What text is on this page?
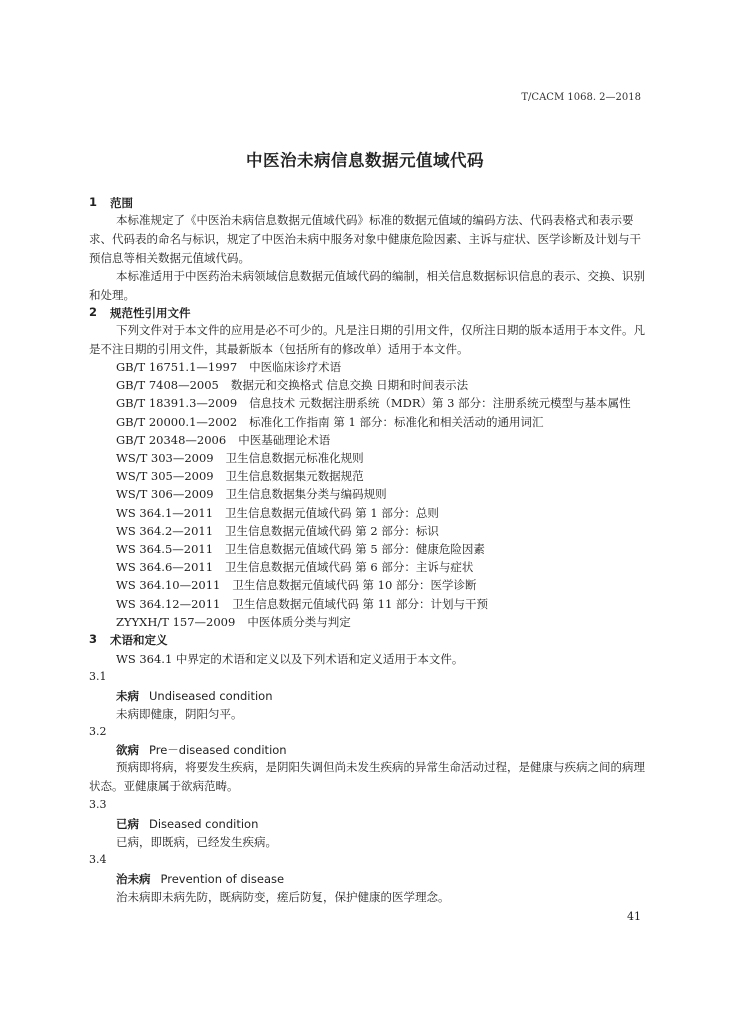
T/CACM 1068. 2—2018
中医治未病信息数据元值域代码
1 范围
本标准规定了《中医治未病信息数据元值域代码》标准的数据元值域的编码方法、代码表格式和表示要求、代码表的命名与标识，规定了中医治未病中服务对象中健康危险因素、主诉与症状、医学诊断及计划与干预信息等相关数据元值域代码。
本标准适用于中医药治未病领域信息数据元值域代码的编制，相关信息数据标识信息的表示、交换、识别和处理。
2 规范性引用文件
下列文件对于本文件的应用是必不可少的。凡是注日期的引用文件，仅所注日期的版本适用于本文件。凡是不注日期的引用文件，其最新版本（包括所有的修改单）适用于本文件。
GB/T 16751.1—1997 中医临床诊疗术语
GB/T 7408—2005 数据元和交换格式 信息交换 日期和时间表示法
GB/T 18391.3—2009 信息技术 元数据注册系统（MDR）第 3 部分：注册系统元模型与基本属性
GB/T 20000.1—2002 标准化工作指南 第 1 部分：标准化和相关活动的通用词汇
GB/T 20348—2006 中医基础理论术语
WS/T 303—2009 卫生信息数据元标准化规则
WS/T 305—2009 卫生信息数据集元数据规范
WS/T 306—2009 卫生信息数据集分类与编码规则
WS 364.1—2011 卫生信息数据元值域代码 第 1 部分：总则
WS 364.2—2011 卫生信息数据元值域代码 第 2 部分：标识
WS 364.5—2011 卫生信息数据元值域代码 第 5 部分：健康危险因素
WS 364.6—2011 卫生信息数据元值域代码 第 6 部分：主诉与症状
WS 364.10—2011 卫生信息数据元值域代码 第 10 部分：医学诊断
WS 364.12—2011 卫生信息数据元值域代码 第 11 部分：计划与干预
ZYYXH/T 157—2009 中医体质分类与判定
3 术语和定义
WS 364.1 中界定的术语和定义以及下列术语和定义适用于本文件。
3.1
未病 Undiseased condition
未病即健康，阴阳匀平。
3.2
欲病 Pre－diseased condition
预病即将病，将要发生疾病，是阴阳失调但尚未发生疾病的异常生命活动过程，是健康与疾病之间的病理状态。亚健康属于欲病范畴。
3.3
已病 Diseased condition
已病，即既病，已经发生疾病。
3.4
治未病 Prevention of disease
治未病即未病先防，既病防变，瘥后防复，保护健康的医学理念。
41
